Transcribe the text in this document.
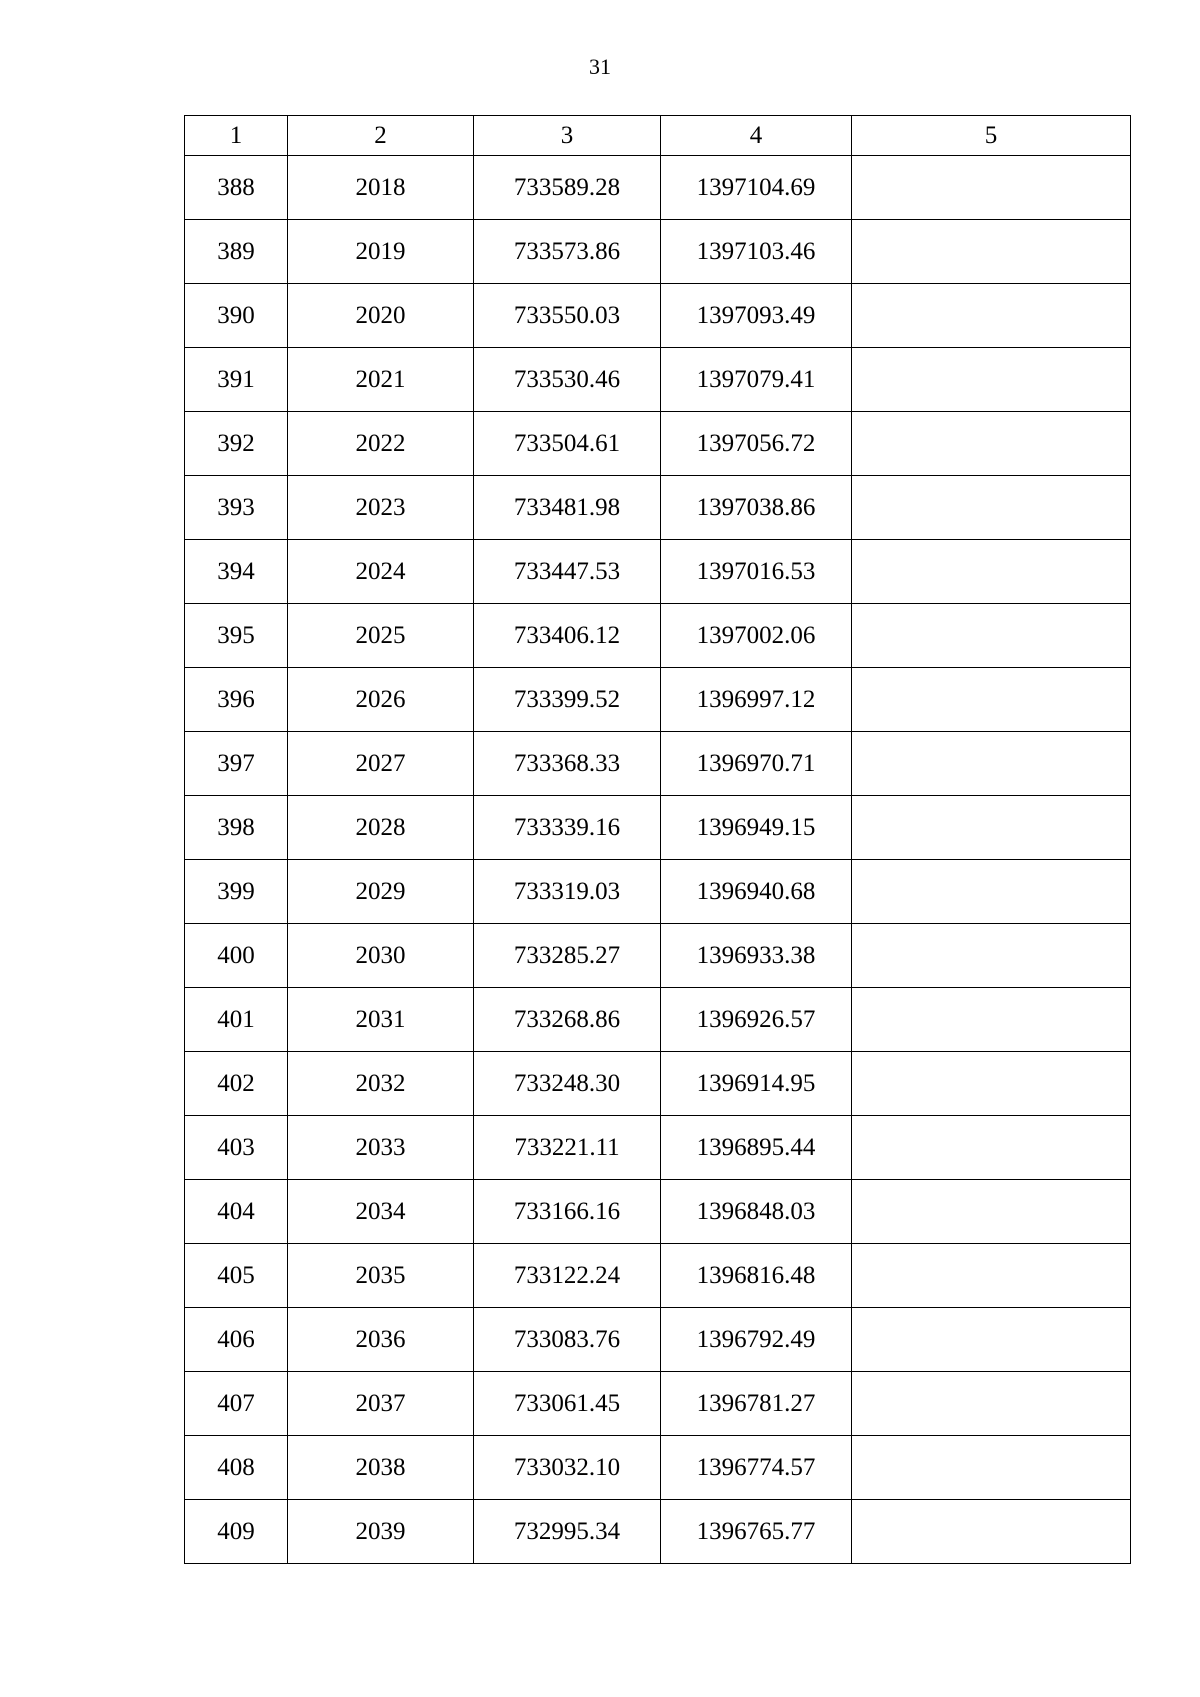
31
1	2	3	4	5
388	2018	733589.28	1397104.69	
389	2019	733573.86	1397103.46	
390	2020	733550.03	1397093.49	
391	2021	733530.46	1397079.41	
392	2022	733504.61	1397056.72	
393	2023	733481.98	1397038.86	
394	2024	733447.53	1397016.53	
395	2025	733406.12	1397002.06	
396	2026	733399.52	1396997.12	
397	2027	733368.33	1396970.71	
398	2028	733339.16	1396949.15	
399	2029	733319.03	1396940.68	
400	2030	733285.27	1396933.38	
401	2031	733268.86	1396926.57	
402	2032	733248.30	1396914.95	
403	2033	733221.11	1396895.44	
404	2034	733166.16	1396848.03	
405	2035	733122.24	1396816.48	
406	2036	733083.76	1396792.49	
407	2037	733061.45	1396781.27	
408	2038	733032.10	1396774.57	
409	2039	732995.34	1396765.77	
